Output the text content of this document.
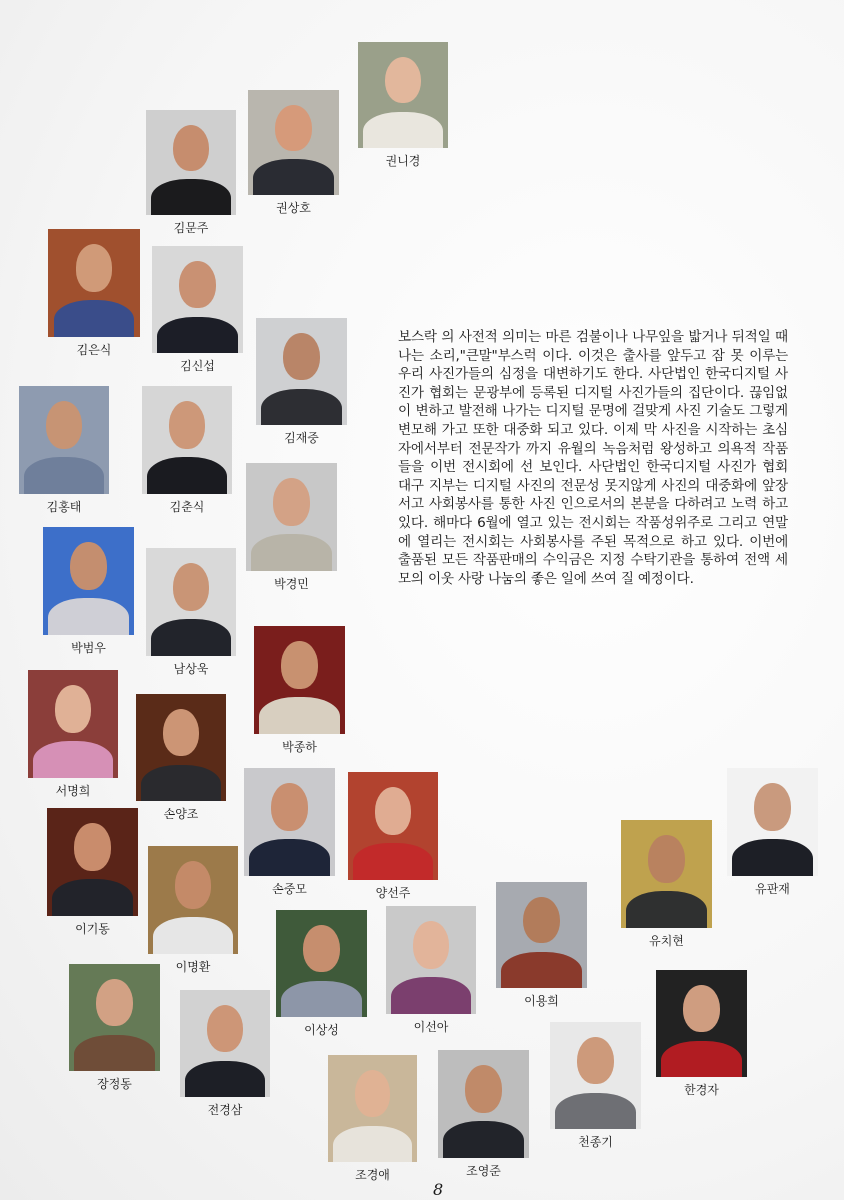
권니경
권상호
김문주
김은식
김신섭
김재중
김홍태	김춘식
박경민
박범우
남상욱
박종하
서명희
손양조
손중모	양선주	유판재
이기동
유치현
이명환
이용희
이상성	이선아
장정동
전경삼
한경자
천종기
조경애	조영준

보스락 의 사전적 의미는 마른 검불이나 나무잎을 밟거나 뒤적일 때 나는 소리,"큰말"부스럭 이다. 이것은 출사를 앞두고 잠 못 이루는 우리 사진가들의 심정을 대변하기도 한다. 사단법인 한국디지털 사진가 협회는 문광부에 등록된 디지털 사진가들의 집단이다. 끊임없이 변하고 발전해 나가는 디지털 문명에 걸맞게 사진 기술도 그렇게 변모해 가고 또한 대중화 되고 있다. 이제 막 사진을 시작하는 초심자에서부터 전문작가 까지 유월의 녹음처럼 왕성하고 의욕적 작품들을 이번 전시회에 선 보인다. 사단법인 한국디지털 사진가 협회 대구 지부는 디지털 사진의 전문성 못지않게 사진의 대중화에 앞장서고 사회봉사를 통한 사진 인으로서의 본분을 다하려고 노력 하고 있다. 해마다 6월에 열고 있는 전시회는 작품성위주로 그리고 연말에 열리는 전시회는 사회봉사를 주된 목적으로 하고 있다. 이번에 출품된 모든 작품판매의 수익금은 지정 수탁기관을 통하여 전액 세모의 이웃 사랑 나눔의 좋은 일에 쓰여 질 예정이다.

8
